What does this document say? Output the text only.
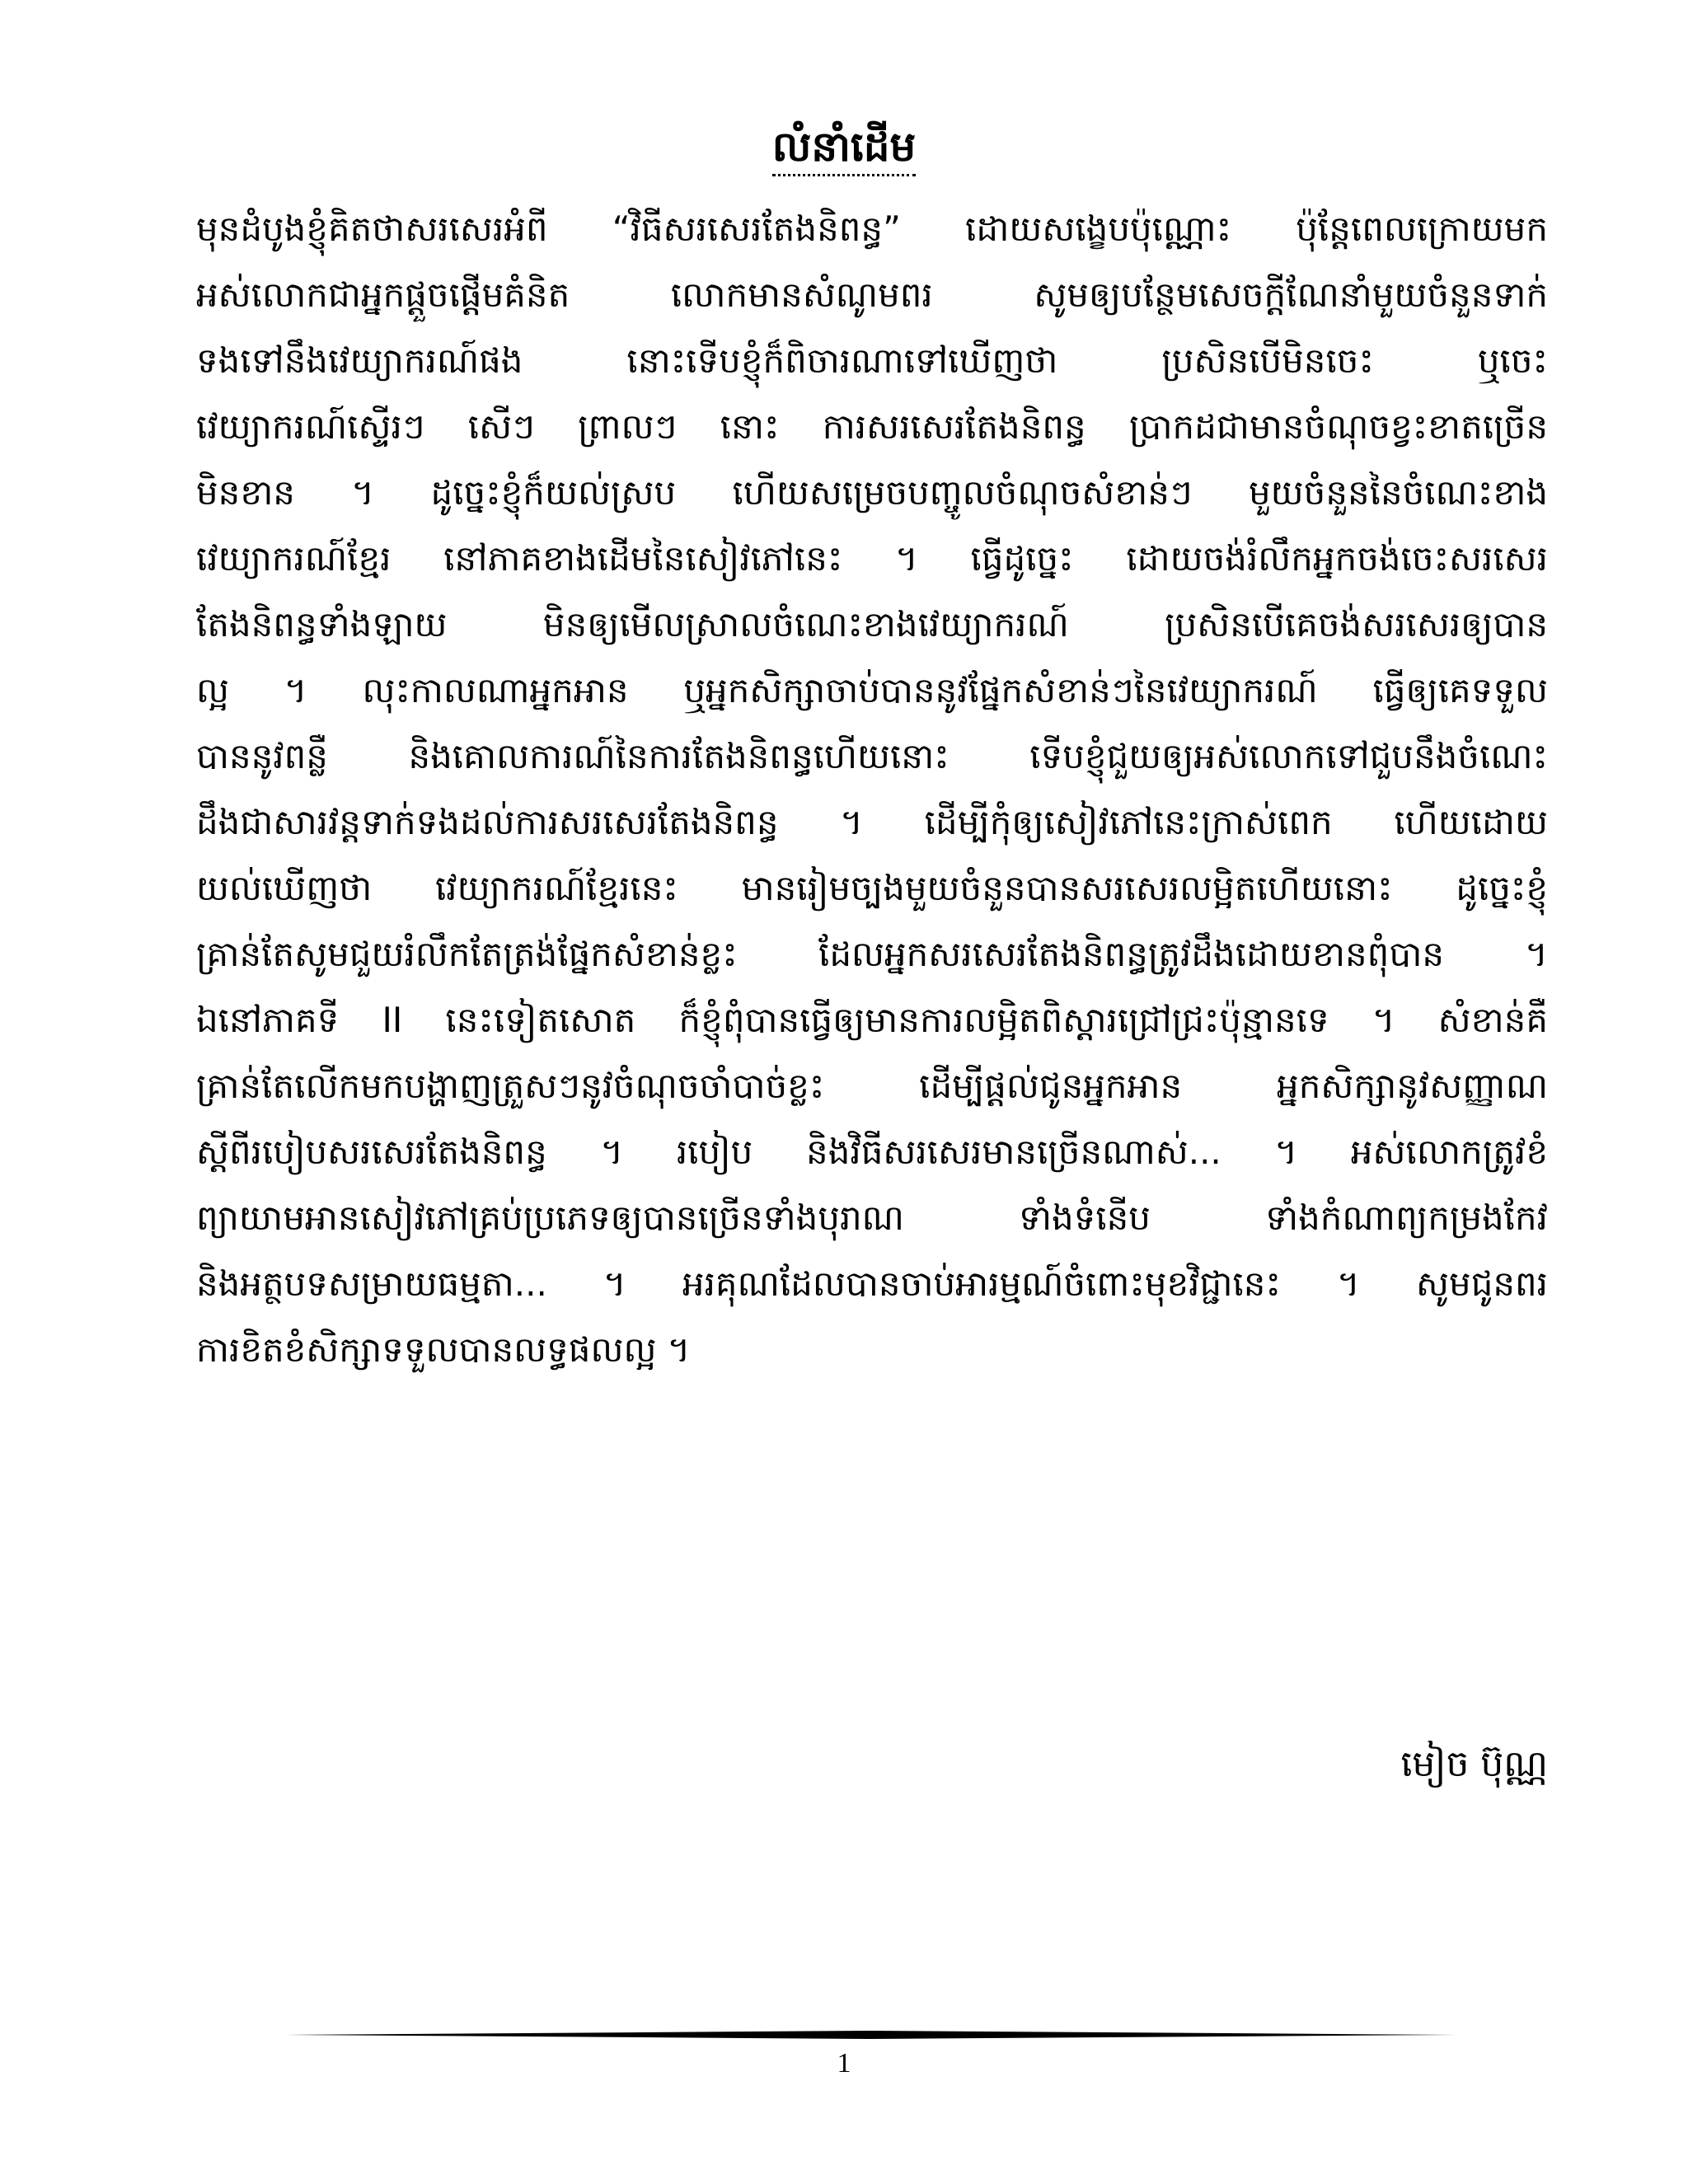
លំនាំដើម
មុនដំបូងខ្ញុំគិតថាសរសេរអំពី “វិធីសរសេរតែងនិពន្ធ” ដោយសង្ខេបប៉ុណ្ណោះ ប៉ុន្តែពេលក្រោយមក
អស់លោកជាអ្នកផ្តួចផ្តើមគំនិត លោកមានសំណូមពរ សូមឲ្យបន្ថែមសេចក្តីណែនាំមួយចំនួនទាក់
ទងទៅនឹងវេយ្យាករណ៍ផង នោះទើបខ្ញុំក៏ពិចារណាទៅឃើញថា ប្រសិនបើមិនចេះ ឬចេះ
វេយ្យាករណ៍ស្ទើរៗ សើៗ ព្រាលៗ នោះ ការសរសេរតែងនិពន្ធ ប្រាកដជាមានចំណុចខ្វះខាតច្រើន
មិនខាន ។ ដូច្នេះខ្ញុំក៏យល់ស្រប ហើយសម្រេចបញ្ចូលចំណុចសំខាន់ៗ មួយចំនួននៃចំណេះខាង
វេយ្យាករណ៍ខ្មែរ នៅភាគខាងដើមនៃសៀវភៅនេះ ។ ធ្វើដូច្នេះ ដោយចង់រំលឹកអ្នកចង់ចេះសរសេរ
តែងនិពន្ធទាំងឡាយ មិនឲ្យមើលស្រាលចំណេះខាងវេយ្យាករណ៍ ប្រសិនបើគេចង់សរសេរឲ្យបាន
ល្អ ។ លុះកាលណាអ្នកអាន ឬអ្នកសិក្សាចាប់បាននូវផ្នែកសំខាន់ៗនៃវេយ្យាករណ៍ ធ្វើឲ្យគេទទួល
បាននូវពន្លឺ និងគោលការណ៍នៃការតែងនិពន្ធហើយនោះ ទើបខ្ញុំជួយឲ្យអស់លោកទៅជួបនឹងចំណេះ
ដឹងជាសារវន្តទាក់ទងដល់ការសរសេរតែងនិពន្ធ ។ ដើម្បីកុំឲ្យសៀវភៅនេះក្រាស់ពេក ហើយដោយ
យល់ឃើញថា វេយ្យាករណ៍ខ្មែរនេះ មានរៀមច្បងមួយចំនួនបានសរសេរលម្អិតហើយនោះ ដូច្នេះខ្ញុំ
គ្រាន់តែសូមជួយរំលឹកតែត្រង់ផ្នែកសំខាន់ខ្លះ ដែលអ្នកសរសេរតែងនិពន្ធត្រូវដឹងដោយខានពុំបាន ។
ឯនៅភាគទី II នេះទៀតសោត ក៏ខ្ញុំពុំបានធ្វើឲ្យមានការលម្អិតពិស្តារជ្រៅជ្រះប៉ុន្មានទេ ។ សំខាន់គឺ
គ្រាន់តែលើកមកបង្ហាញត្រួសៗនូវចំណុចចាំបាច់ខ្លះ ដើម្បីផ្តល់ជូនអ្នកអាន អ្នកសិក្សានូវសញ្ញាណ
ស្តីពីរបៀបសរសេរតែងនិពន្ធ ។ របៀប និងវិធីសរសេរមានច្រើនណាស់... ។ អស់លោកត្រូវខំ
ព្យាយាមអានសៀវភៅគ្រប់ប្រភេទឲ្យបានច្រើនទាំងបុរាណ ទាំងទំនើប ទាំងកំណាព្យកម្រងកែវ
និងអត្ថបទសម្រាយធម្មតា... ។ អរគុណដែលបានចាប់អារម្មណ៍ចំពោះមុខវិជ្ជានេះ ។ សូមជូនពរ
ការខិតខំសិក្សាទទួលបានលទ្ធផលល្អ ។
មៀច ប៊ុណ្ណ
1
